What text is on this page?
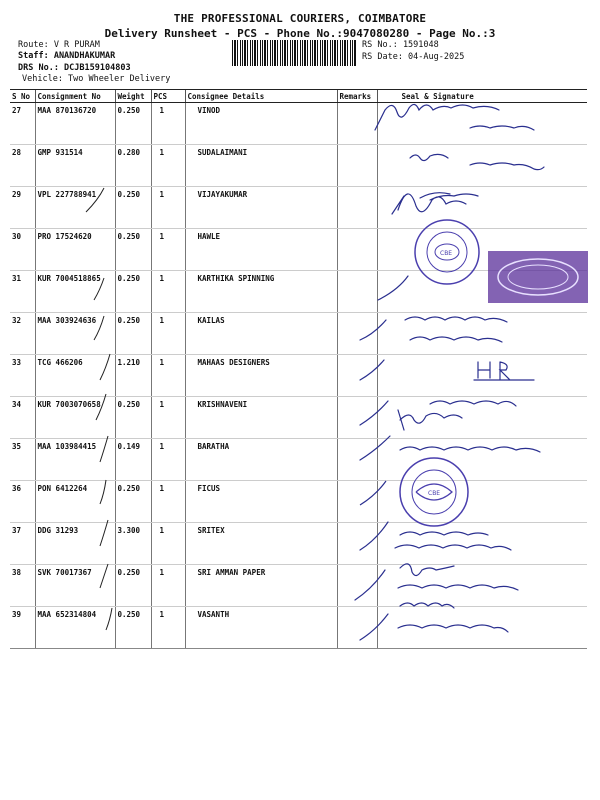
THE PROFESSIONAL COURIERS, COIMBATORE
Delivery Runsheet - PCS - Phone No.:9047080280 - Page No.:3
Route: V R PURAM
Staff: ANANDHAKUMAR
DRS No.: DCJB159104803
Vehicle: Two Wheeler Delivery
RS No.: 1591048
RS Date: 04-Aug-2025
S No	Consignment No	Weight	PCS	Consignee Details	Remarks	Seal & Signature
27	MAA 870136720	0.250	1	VINOD		
28	GMP 931514	0.280	1	SUDALAIMANI		
29	VPL 227788941	0.250	1	VIJAYAKUMAR		
30	PRO 17524620	0.250	1	HAWLE		
31	KUR 7004518865	0.250	1	KARTHIKA SPINNING		
32	MAA 303924636	0.250	1	KAILAS		
33	TCG 466206	1.210	1	MAHAAS DESIGNERS		
34	KUR 7003070658	0.250	1	KRISHNAVENI		
35	MAA 103984415	0.149	1	BARATHA		
36	PON 6412264	0.250	1	FICUS		
37	DDG 31293	3.300	1	SRITEX		
38	SVK 70017367	0.250	1	SRI AMMAN PAPER		
39	MAA 652314804	0.250	1	VASANTH		
CBE
CBE
